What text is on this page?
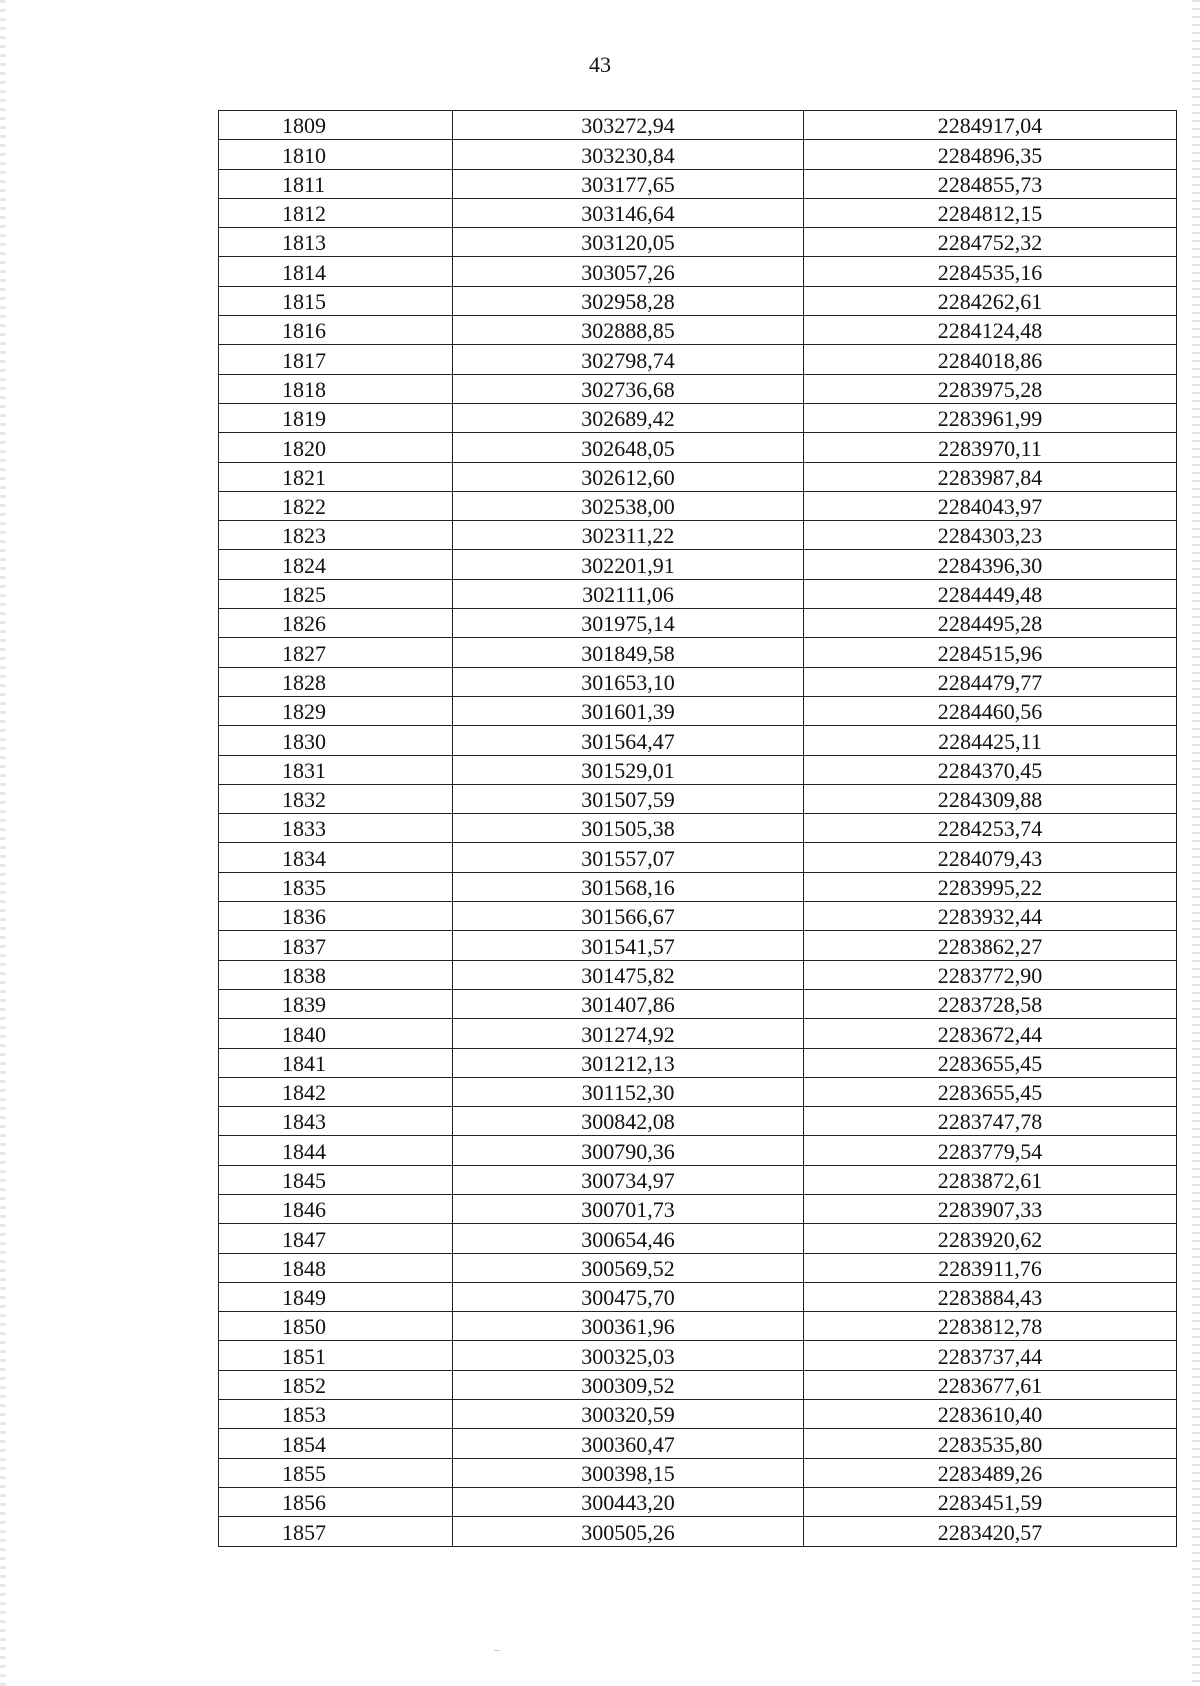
43
1809	303272,94	2284917,04
1810	303230,84	2284896,35
1811	303177,65	2284855,73
1812	303146,64	2284812,15
1813	303120,05	2284752,32
1814	303057,26	2284535,16
1815	302958,28	2284262,61
1816	302888,85	2284124,48
1817	302798,74	2284018,86
1818	302736,68	2283975,28
1819	302689,42	2283961,99
1820	302648,05	2283970,11
1821	302612,60	2283987,84
1822	302538,00	2284043,97
1823	302311,22	2284303,23
1824	302201,91	2284396,30
1825	302111,06	2284449,48
1826	301975,14	2284495,28
1827	301849,58	2284515,96
1828	301653,10	2284479,77
1829	301601,39	2284460,56
1830	301564,47	2284425,11
1831	301529,01	2284370,45
1832	301507,59	2284309,88
1833	301505,38	2284253,74
1834	301557,07	2284079,43
1835	301568,16	2283995,22
1836	301566,67	2283932,44
1837	301541,57	2283862,27
1838	301475,82	2283772,90
1839	301407,86	2283728,58
1840	301274,92	2283672,44
1841	301212,13	2283655,45
1842	301152,30	2283655,45
1843	300842,08	2283747,78
1844	300790,36	2283779,54
1845	300734,97	2283872,61
1846	300701,73	2283907,33
1847	300654,46	2283920,62
1848	300569,52	2283911,76
1849	300475,70	2283884,43
1850	300361,96	2283812,78
1851	300325,03	2283737,44
1852	300309,52	2283677,61
1853	300320,59	2283610,40
1854	300360,47	2283535,80
1855	300398,15	2283489,26
1856	300443,20	2283451,59
1857	300505,26	2283420,57
